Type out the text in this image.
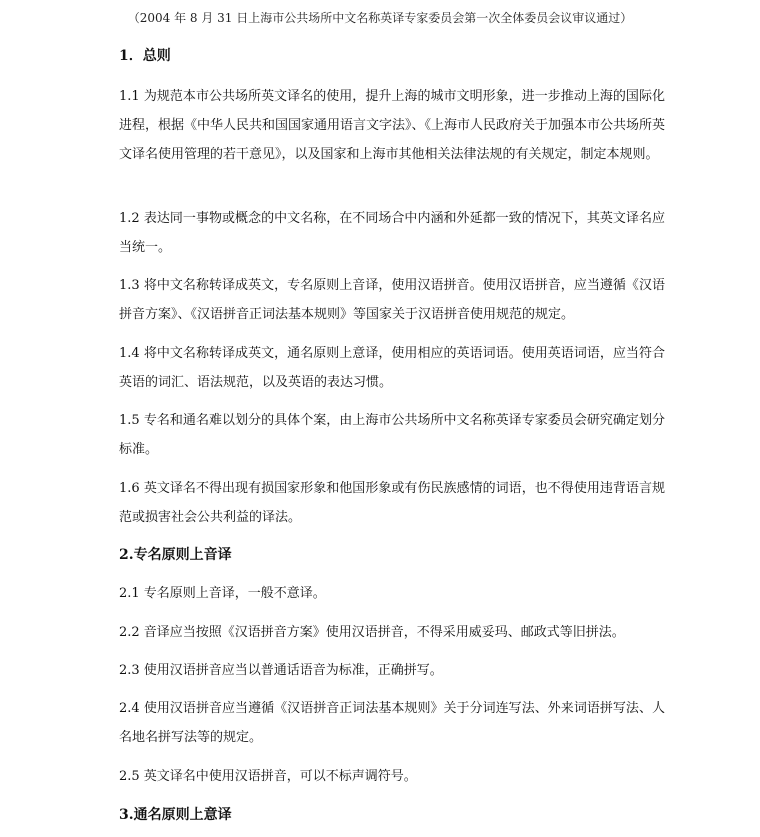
（2004 年 8 月 31 日上海市公共场所中文名称英译专家委员会第一次全体委员会议审议通过）
1．总则

1.1 为规范本市公共场所英文译名的使用，提升上海的城市文明形象，进一步推动上海的国际化进程，根据《中华人民共和国国家通用语言文字法》、《上海市人民政府关于加强本市公共场所英文译名使用管理的若干意见》，以及国家和上海市其他相关法律法规的有关规定，制定本规则。

1.2 表达同一事物或概念的中文名称，在不同场合中内涵和外延都一致的情况下，其英文译名应当统一。

1.3 将中文名称转译成英文，专名原则上音译，使用汉语拼音。使用汉语拼音，应当遵循《汉语拼音方案》、《汉语拼音正词法基本规则》等国家关于汉语拼音使用规范的规定。

1.4 将中文名称转译成英文，通名原则上意译，使用相应的英语词语。使用英语词语，应当符合英语的词汇、语法规范，以及英语的表达习惯。

1.5 专名和通名难以划分的具体个案，由上海市公共场所中文名称英译专家委员会研究确定划分标准。

1.6 英文译名不得出现有损国家形象和他国形象或有伤民族感情的词语，也不得使用违背语言规范或损害社会公共利益的译法。

2.专名原则上音译

2.1 专名原则上音译，一般不意译。

2.2 音译应当按照《汉语拼音方案》使用汉语拼音，不得采用威妥玛、邮政式等旧拼法。

2.3 使用汉语拼音应当以普通话语音为标准，正确拼写。

2.4 使用汉语拼音应当遵循《汉语拼音正词法基本规则》关于分词连写法、外来词语拼写法、人名地名拼写法等的规定。

2.5 英文译名中使用汉语拼音，可以不标声调符号。

3.通名原则上意译
